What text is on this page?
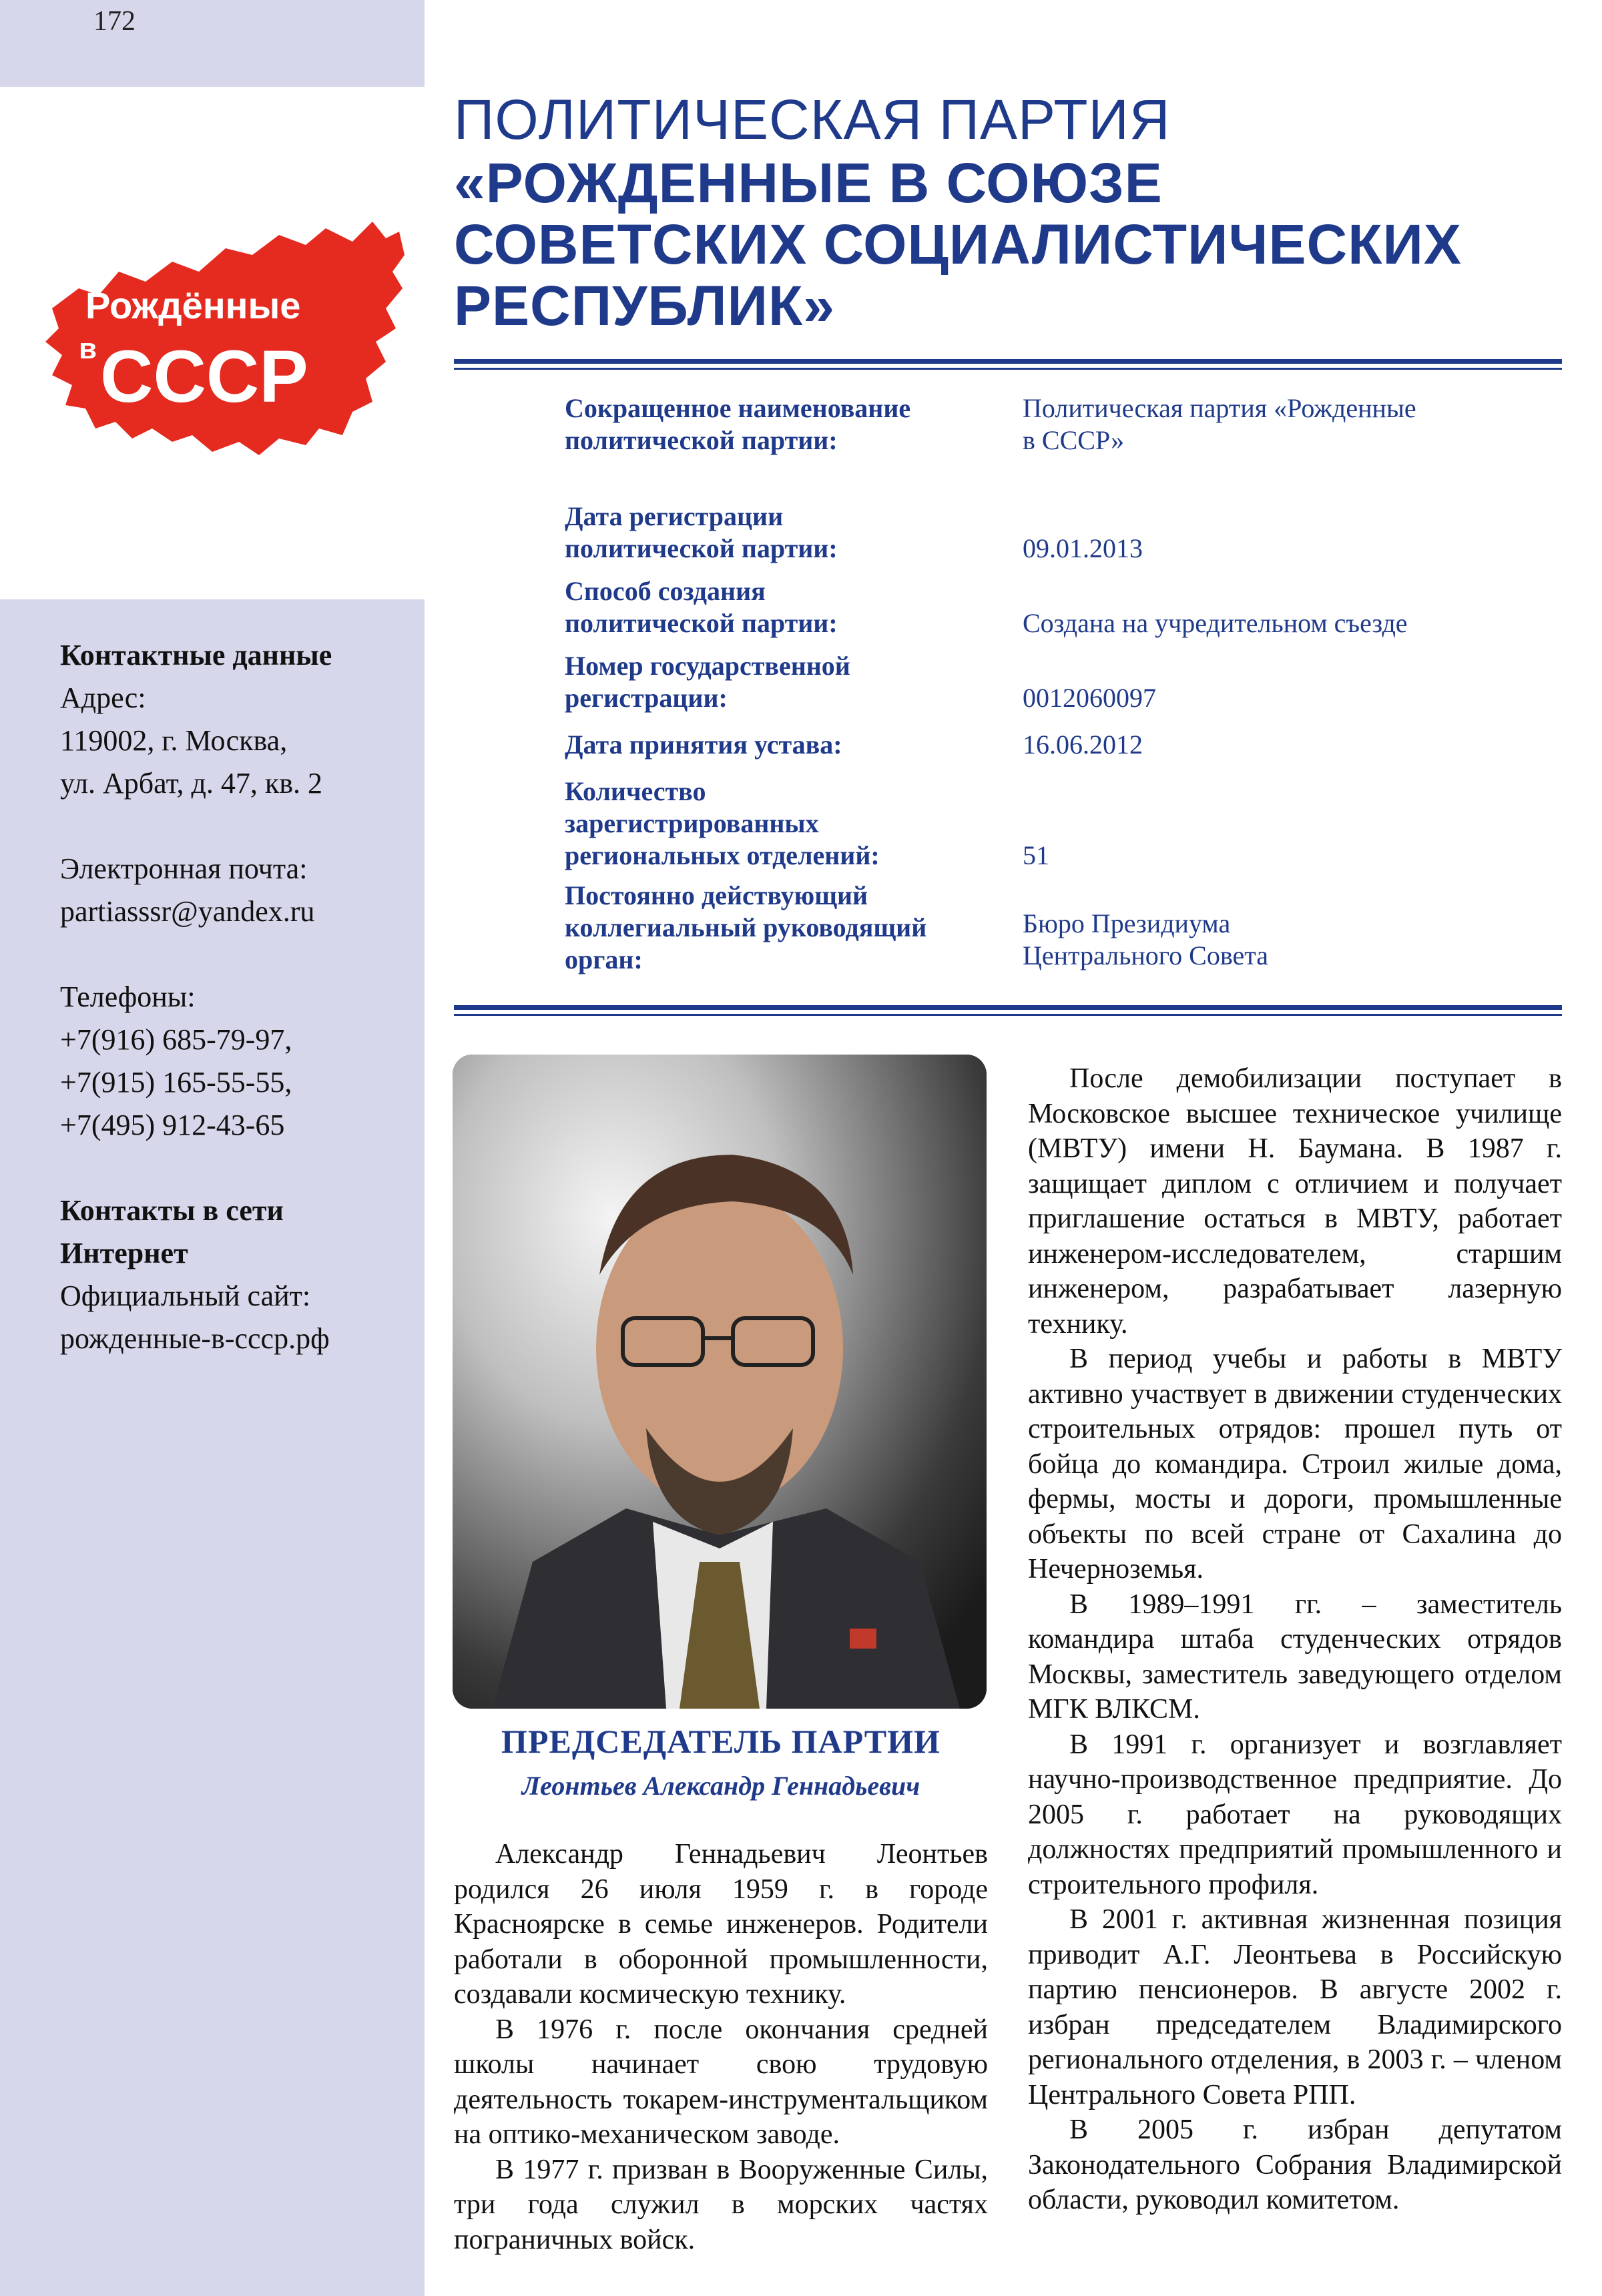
172
Рождённые
в СССР
ПОЛИТИЧЕСКАЯ ПАРТИЯ
«РОЖДЕННЫЕ В СОЮЗЕ
СОВЕТСКИХ СОЦИАЛИСТИЧЕСКИХ
РЕСПУБЛИК»
Сокращенное наименование
политической партии:
Политическая партия «Рожденные
в СССР»
Дата регистрации
политической партии:	09.01.2013
Способ создания
политической партии:	Создана на учредительном съезде
Номер государственной
регистрации:	0012060097
Дата принятия устава:	16.06.2012
Количество
зарегистрированных
региональных отделений:	51
Постоянно действующий
коллегиальный руководящий
орган:
Бюро Президиума
Центрального Совета
Контактные данные
Адрес:
119002, г. Москва,
ул. Арбат, д. 47, кв. 2
Электронная почта:
partiasssr@yandex.ru
Телефоны:
+7(916) 685-79-97,
+7(915) 165-55-55,
+7(495) 912-43-65
Контакты в сети
Интернет
Официальный сайт:
рожденные-в-ссср.рф
ПРЕДСЕДАТЕЛЬ ПАРТИИ
Леонтьев Александр Геннадьевич

Александр Геннадьевич Леонтьев родился 26 июля 1959 г. в городе Красноярске в семье инженеров. Родители работали в оборонной промышленности, создавали космическую технику.

В 1976 г. после окончания средней школы начинает свою трудовую деятельность токарем-инструментальщиком на оптико-механическом заводе.

В 1977 г. призван в Вооруженные Силы, три года служил в морских частях пограничных войск.

После демобилизации поступает в Московское высшее техническое училище (МВТУ) имени Н. Баумана. В 1987 г. защищает диплом с отличием и получает приглашение остаться в МВТУ, работает инженером-исследователем, старшим инженером, разрабатывает лазерную технику.

В период учебы и работы в МВТУ активно участвует в движении студенческих строительных отрядов: прошел путь от бойца до командира. Строил жилые дома, фермы, мосты и дороги, промышленные объекты по всей стране от Сахалина до Нечерноземья.

В 1989–1991 гг. – заместитель командира штаба студенческих отрядов Москвы, заместитель заведующего отделом МГК ВЛКСМ.

В 1991 г. организует и возглавляет научно-производственное предприятие. До 2005 г. работает на руководящих должностях предприятий промышленного и строительного профиля.

В 2001 г. активная жизненная позиция приводит А.Г. Леонтьева в Российскую партию пенсионеров. В августе 2002 г. избран председателем Владимирского регионального отделения, в 2003 г. – членом Центрального Совета РПП.

В 2005 г. избран депутатом Законодательного Собрания Владимирской области, руководил комитетом.
